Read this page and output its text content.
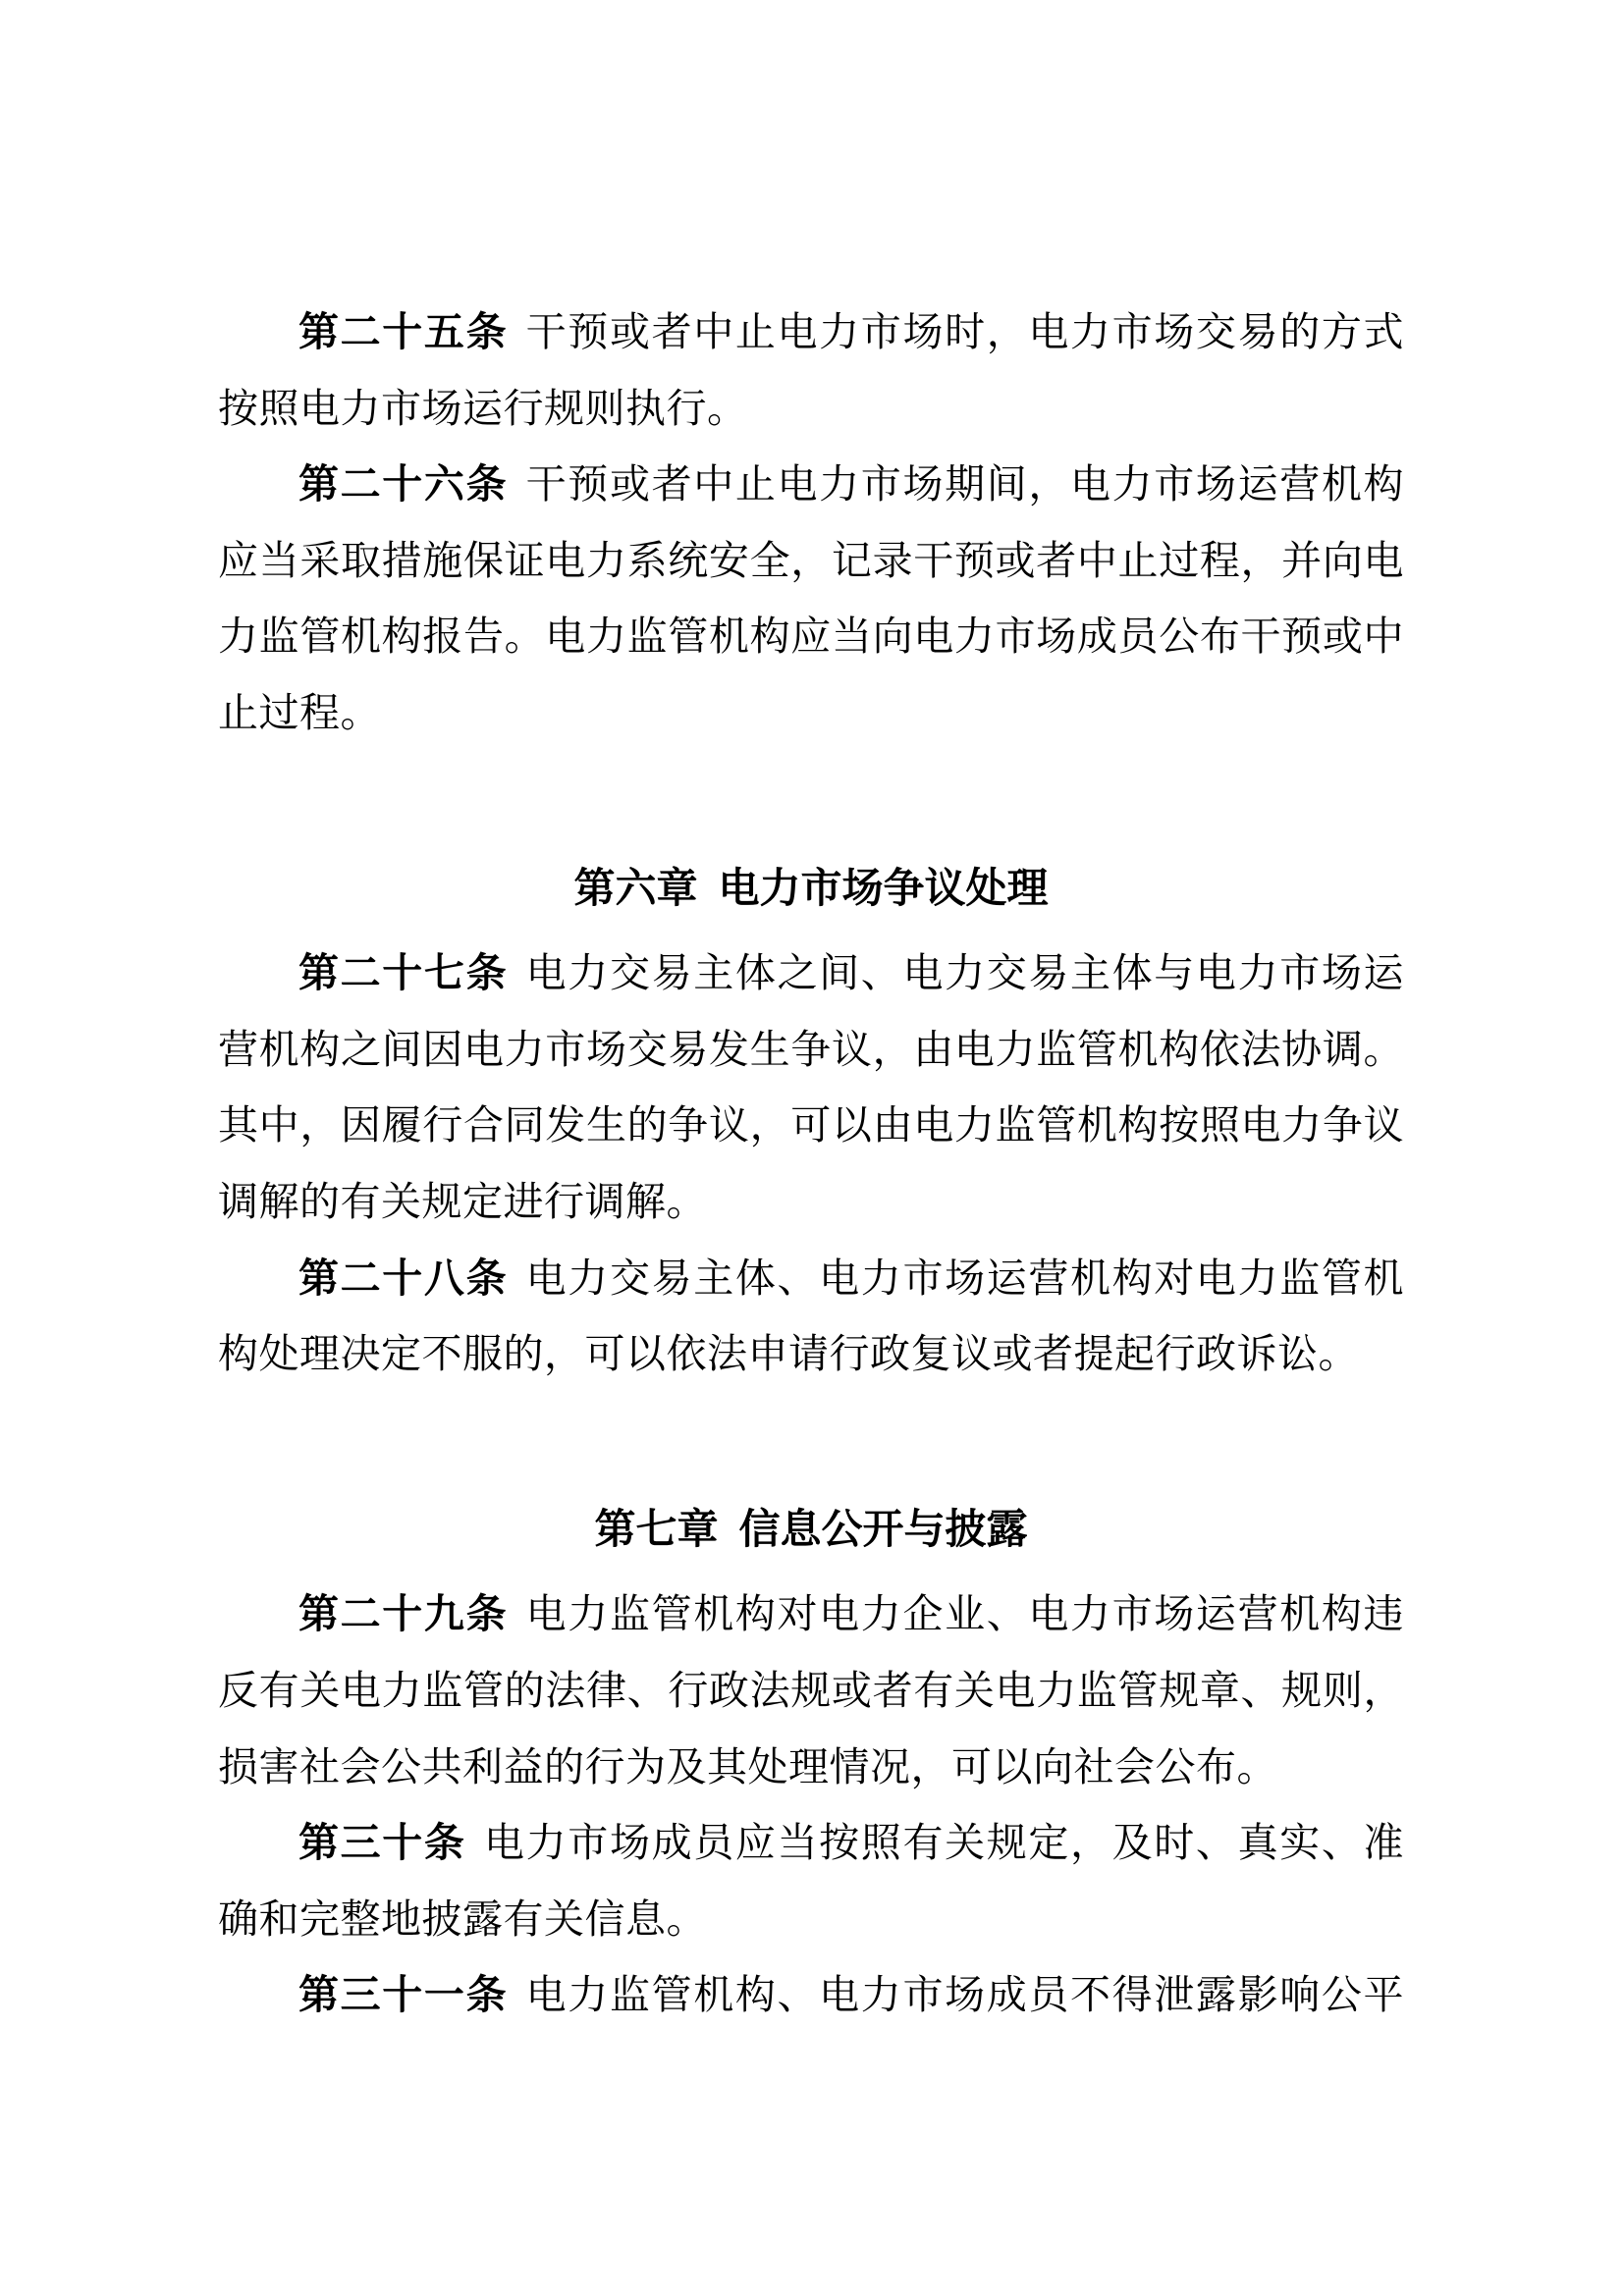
第二十五条 干预或者中止电力市场时，电力市场交易的方式
按照电力市场运行规则执行。
第二十六条 干预或者中止电力市场期间，电力市场运营机构
应当采取措施保证电力系统安全，记录干预或者中止过程，并向电
力监管机构报告。电力监管机构应当向电力市场成员公布干预或中
止过程。
第六章 电力市场争议处理
第二十七条 电力交易主体之间、电力交易主体与电力市场运
营机构之间因电力市场交易发生争议，由电力监管机构依法协调。
其中，因履行合同发生的争议，可以由电力监管机构按照电力争议
调解的有关规定进行调解。
第二十八条 电力交易主体、电力市场运营机构对电力监管机
构处理决定不服的，可以依法申请行政复议或者提起行政诉讼。
第七章 信息公开与披露
第二十九条 电力监管机构对电力企业、电力市场运营机构违
反有关电力监管的法律、行政法规或者有关电力监管规章、规则，
损害社会公共利益的行为及其处理情况，可以向社会公布。
第三十条 电力市场成员应当按照有关规定，及时、真实、准
确和完整地披露有关信息。
第三十一条 电力监管机构、电力市场成员不得泄露影响公平
